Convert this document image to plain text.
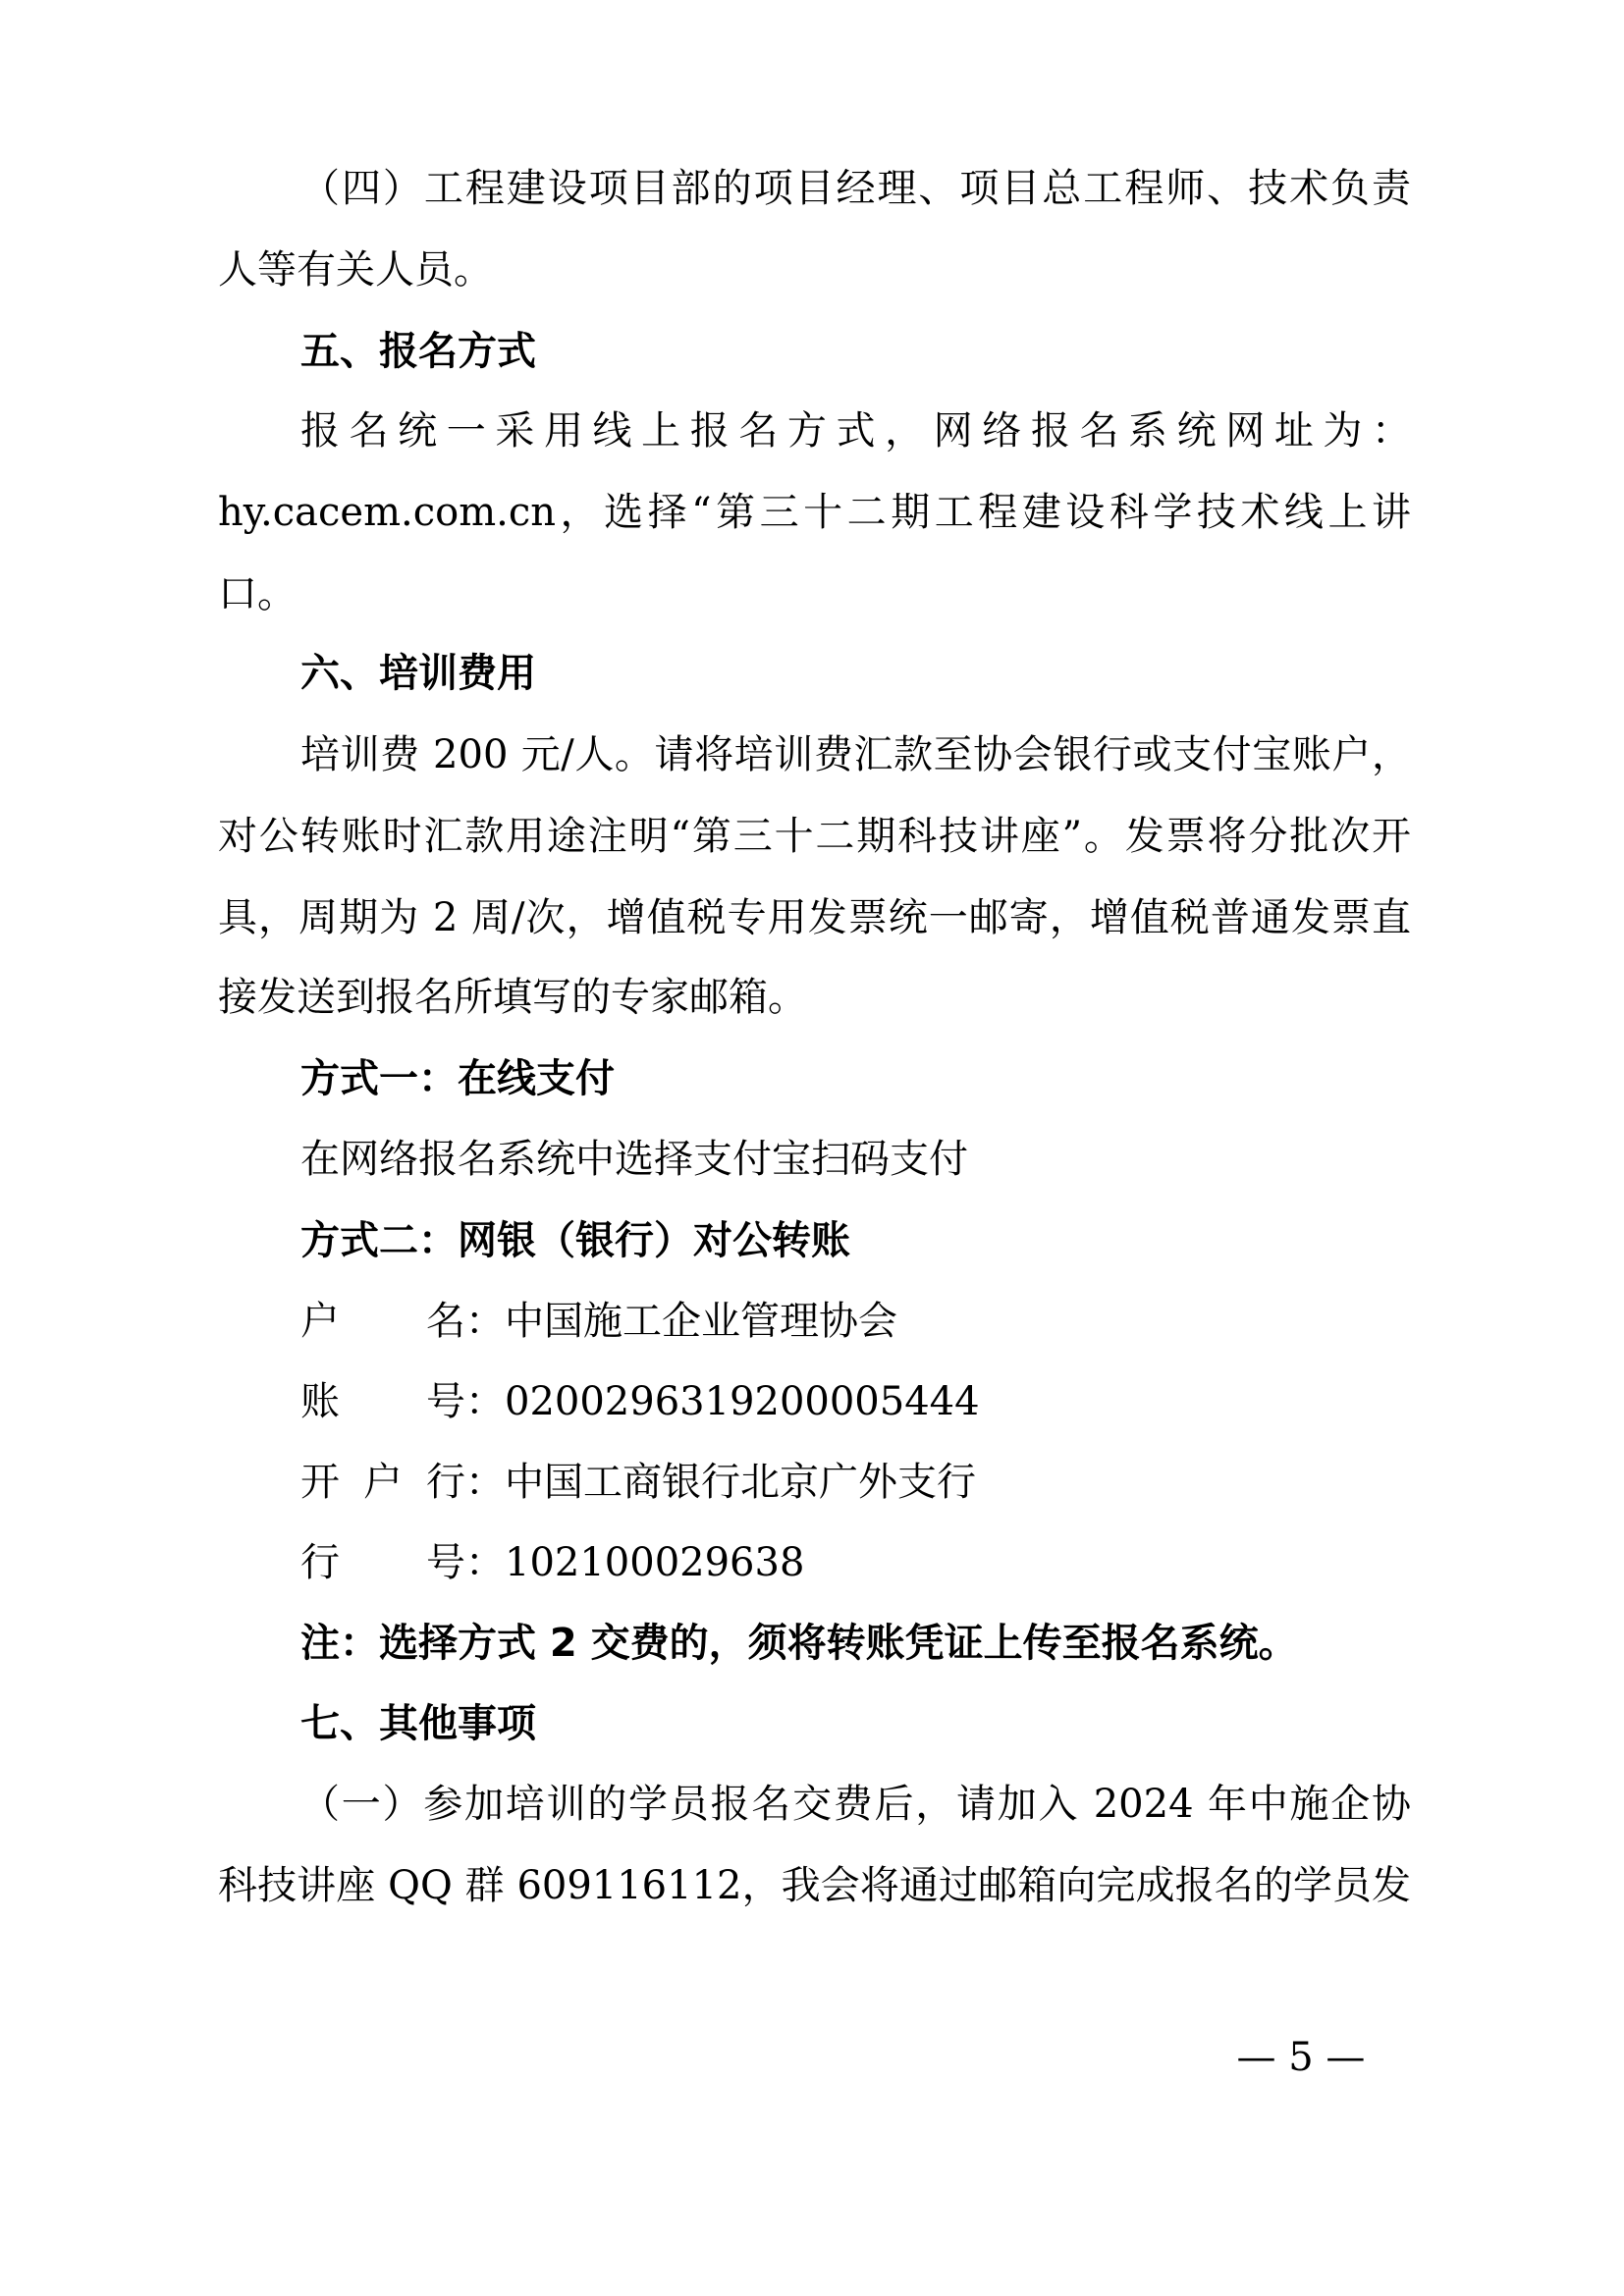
（四）工程建设项目部的项目经理、项目总工程师、技术负责
人等有关人员。
五、报名方式
报名统一采用线上报名方式，网络报名系统网址为：
hy.cacem.com.cn，选择“第三十二期工程建设科学技术线上讲
口。
六、培训费用
培训费 200 元/人。请将培训费汇款至协会银行或支付宝账户，
对公转账时汇款用途注明“第三十二期科技讲座”。发票将分批次开
具，周期为 2 周/次，增值税专用发票统一邮寄，增值税普通发票直
接发送到报名所填写的专家邮箱。
方式一：在线支付
在网络报名系统中选择支付宝扫码支付
方式二：网银（银行）对公转账
户名：中国施工企业管理协会
账号：0200296319200005444
开户行：中国工商银行北京广外支行
行号：102100029638
注：选择方式 2 交费的，须将转账凭证上传至报名系统。
七、其他事项
（一）参加培训的学员报名交费后，请加入 2024 年中施企协
科技讲座 QQ 群 609116112，我会将通过邮箱向完成报名的学员发
— 5 —
